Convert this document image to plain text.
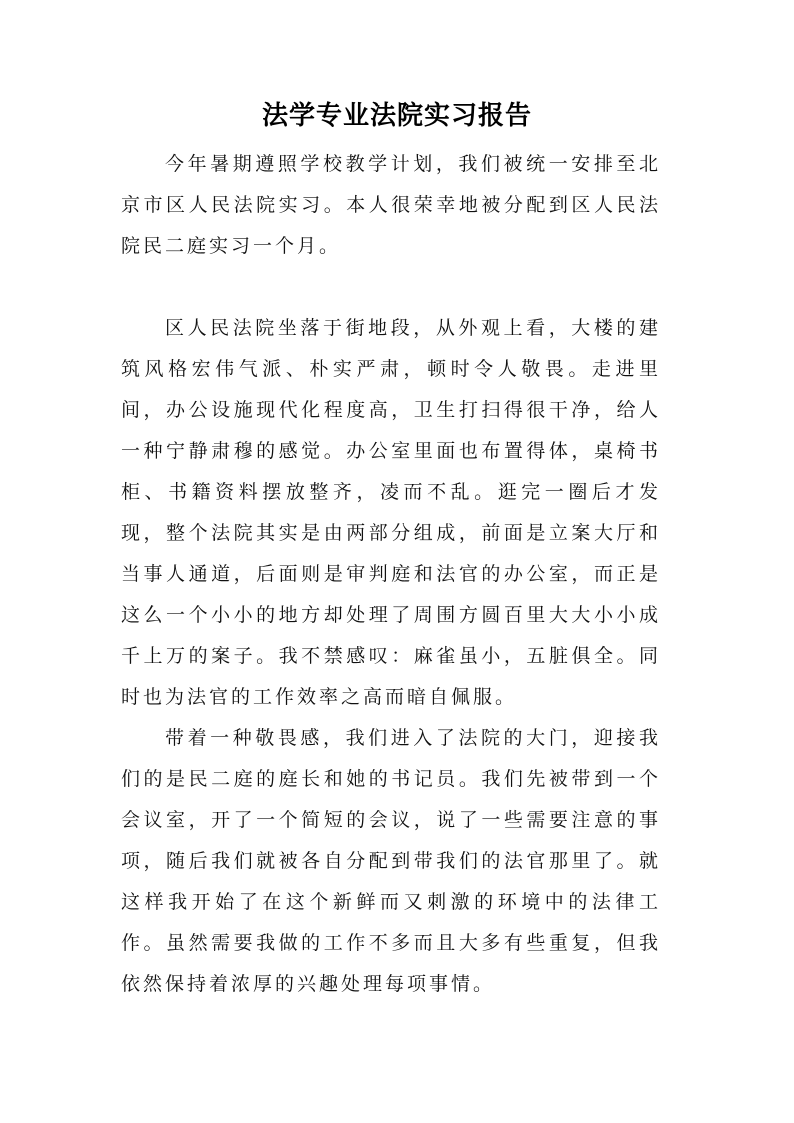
法学专业法院实习报告

今年暑期遵照学校教学计划，我们被统一安排至北京市区人民法院实习。本人很荣幸地被分配到区人民法院民二庭实习一个月。

区人民法院坐落于街地段，从外观上看，大楼的建筑风格宏伟气派、朴实严肃，顿时令人敬畏。走进里间，办公设施现代化程度高，卫生打扫得很干净，给人一种宁静肃穆的感觉。办公室里面也布置得体，桌椅书柜、书籍资料摆放整齐，凌而不乱。逛完一圈后才发现，整个法院其实是由两部分组成，前面是立案大厅和当事人通道，后面则是审判庭和法官的办公室，而正是这么一个小小的地方却处理了周围方圆百里大大小小成千上万的案子。我不禁感叹：麻雀虽小，五脏俱全。同时也为法官的工作效率之高而暗自佩服。

带着一种敬畏感，我们进入了法院的大门，迎接我们的是民二庭的庭长和她的书记员。我们先被带到一个会议室，开了一个简短的会议，说了一些需要注意的事项，随后我们就被各自分配到带我们的法官那里了。就这样我开始了在这个新鲜而又刺激的环境中的法律工作。虽然需要我做的工作不多而且大多有些重复，但我依然保持着浓厚的兴趣处理每项事情。
